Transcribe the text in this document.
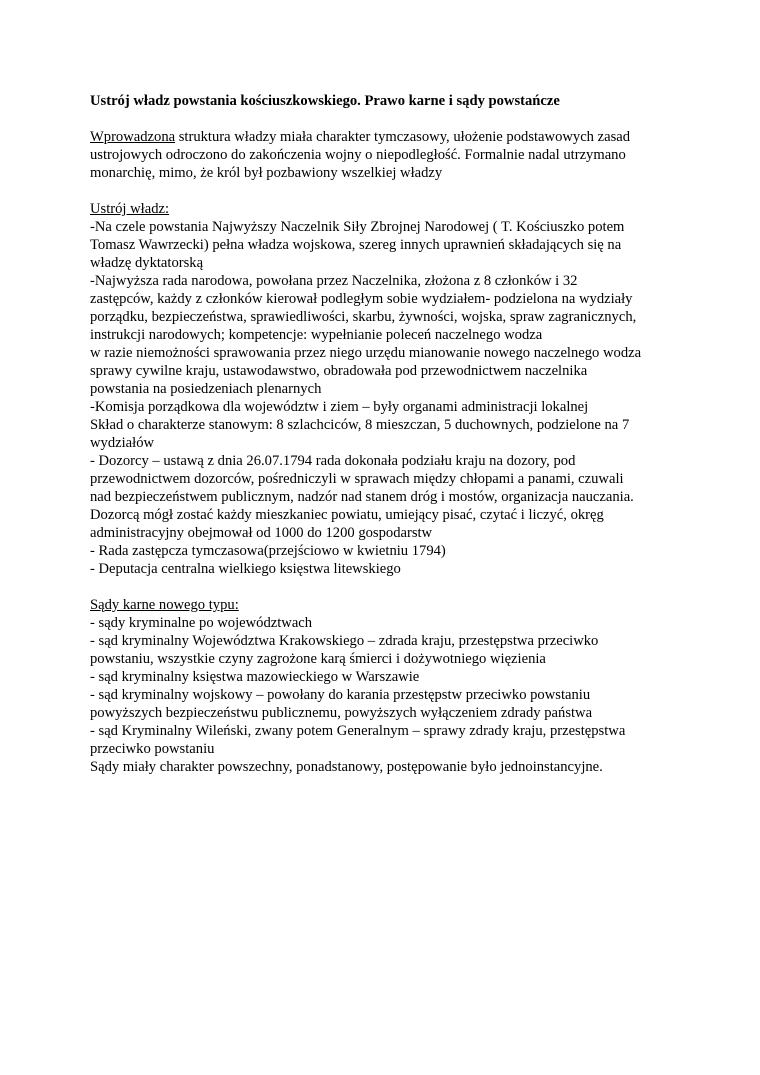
Ustrój władz powstania kościuszkowskiego. Prawo karne i sądy powstańcze

Wprowadzona struktura władzy miała charakter tymczasowy, ułożenie podstawowych zasad
ustrojowych odroczono do zakończenia wojny o niepodległość. Formalnie nadal utrzymano
monarchię, mimo, że król był pozbawiony wszelkiej władzy
Ustrój władz:
-Na czele powstania Najwyższy Naczelnik Siły Zbrojnej Narodowej ( T. Kościuszko potem
Tomasz Wawrzecki) pełna władza wojskowa, szereg innych uprawnień składających się na
władzę dyktatorską
-Najwyższa rada narodowa, powołana przez Naczelnika, złożona z 8 członków i 32
zastępców, każdy z członków kierował podległym sobie wydziałem- podzielona na wydziały
porządku, bezpieczeństwa, sprawiedliwości, skarbu, żywności, wojska, spraw zagranicznych,
instrukcji narodowych; kompetencje: wypełnianie poleceń naczelnego wodza
w razie niemożności sprawowania przez niego urzędu mianowanie nowego naczelnego wodza
sprawy cywilne kraju, ustawodawstwo, obradowała pod przewodnictwem naczelnika
powstania na posiedzeniach plenarnych
-Komisja porządkowa dla województw i ziem – były organami administracji lokalnej
Skład o charakterze stanowym: 8 szlachciców, 8 mieszczan, 5 duchownych, podzielone na 7
wydziałów
- Dozorcy – ustawą z dnia 26.07.1794 rada dokonała podziału kraju na dozory, pod
przewodnictwem dozorców, pośredniczyli w sprawach między chłopami a panami, czuwali
nad bezpieczeństwem publicznym, nadzór nad stanem dróg i mostów, organizacja nauczania.
Dozorcą mógł zostać każdy mieszkaniec powiatu, umiejący pisać, czytać i liczyć, okręg
administracyjny obejmował od 1000 do 1200 gospodarstw
- Rada zastępcza tymczasowa(przejściowo w kwietniu 1794)
- Deputacja centralna wielkiego księstwa litewskiego
Sądy karne nowego typu:
- sądy kryminalne po województwach
- sąd kryminalny Województwa Krakowskiego – zdrada kraju, przestępstwa przeciwko
powstaniu, wszystkie czyny zagrożone karą śmierci i dożywotniego więzienia
- sąd kryminalny księstwa mazowieckiego w Warszawie
- sąd kryminalny wojskowy – powołany do karania przestępstw przeciwko powstaniu
powyższych bezpieczeństwu publicznemu, powyższych wyłączeniem zdrady państwa
- sąd Kryminalny Wileński, zwany potem Generalnym – sprawy zdrady kraju, przestępstwa
przeciwko powstaniu
Sądy miały charakter powszechny, ponadstanowy, postępowanie było jednoinstancyjne.
